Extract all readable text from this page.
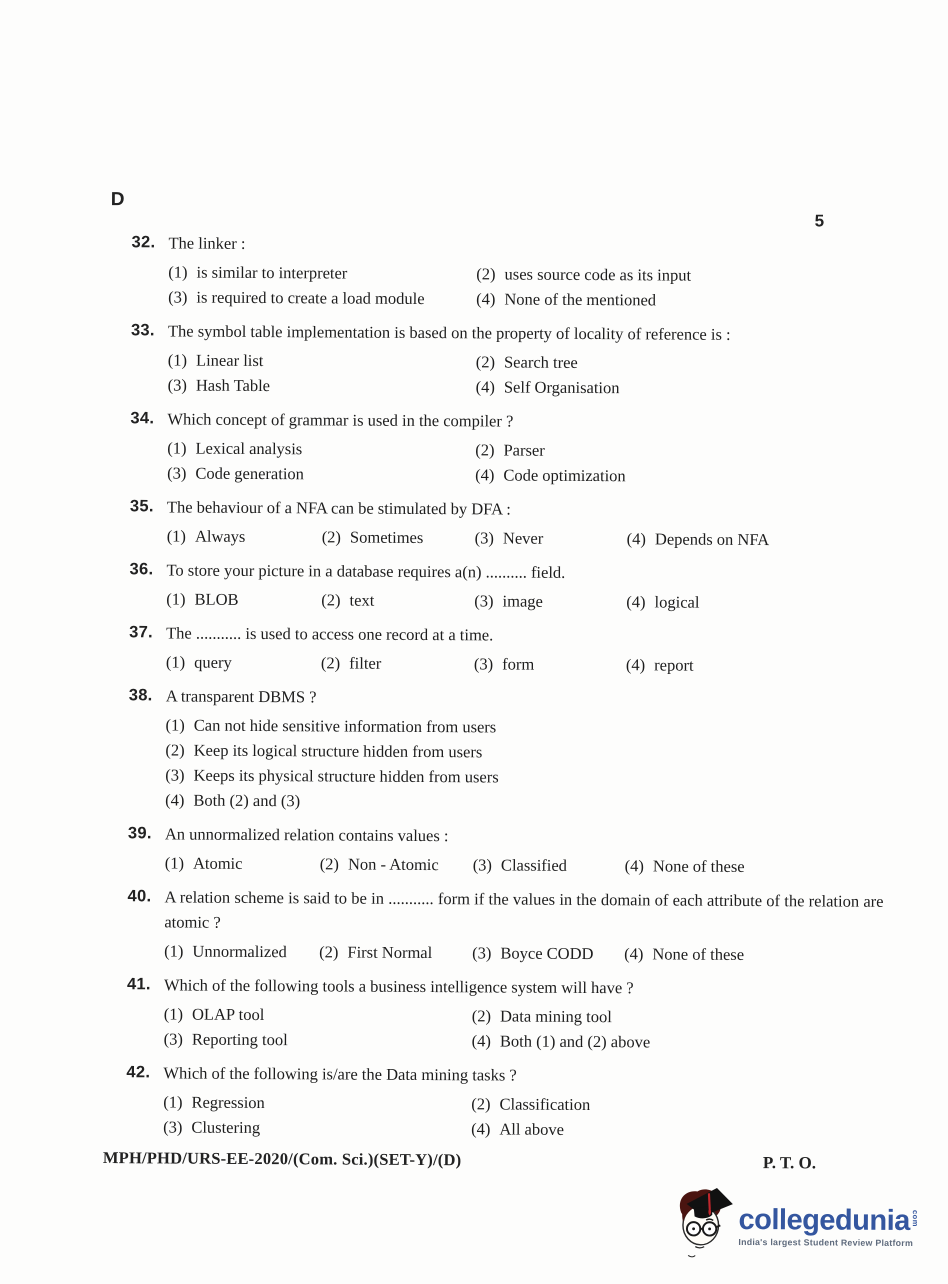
D
5
32. The linker :
(1) is similar to interpreter	(2) uses source code as its input
(3) is required to create a load module	(4) None of the mentioned
33. The symbol table implementation is based on the property of locality of reference is :
(1) Linear list	(2) Search tree
(3) Hash Table	(4) Self Organisation
34. Which concept of grammar is used in the compiler ?
(1) Lexical analysis	(2) Parser
(3) Code generation	(4) Code optimization
35. The behaviour of a NFA can be stimulated by DFA :
(1) Always	(2) Sometimes	(3) Never	(4) Depends on NFA
36. To store your picture in a database requires a(n) .......... field.
(1) BLOB	(2) text	(3) image	(4) logical
37. The ........... is used to access one record at a time.
(1) query	(2) filter	(3) form	(4) report
38. A transparent DBMS ?
(1) Can not hide sensitive information from users
(2) Keep its logical structure hidden from users
(3) Keeps its physical structure hidden from users
(4) Both (2) and (3)
39. An unnormalized relation contains values :
(1) Atomic	(2) Non - Atomic (3) Classified	(4) None of these
40. A relation scheme is said to be in ........... form if the values in the domain of each attribute of the relation are atomic ?
(1) Unnormalized (2) First Normal (3) Boyce CODD (4) None of these
41. Which of the following tools a business intelligence system will have ?
(1) OLAP tool	(2) Data mining tool
(3) Reporting tool	(4) Both (1) and (2) above
42. Which of the following is/are the Data mining tasks ?
(1) Regression	(2) Classification
(3) Clustering	(4) All above
MPH/PHD/URS-EE-2020/(Com. Sci.)(SET-Y)/(D)	P. T. O.
collegedunia com
India's largest Student Review Platform
